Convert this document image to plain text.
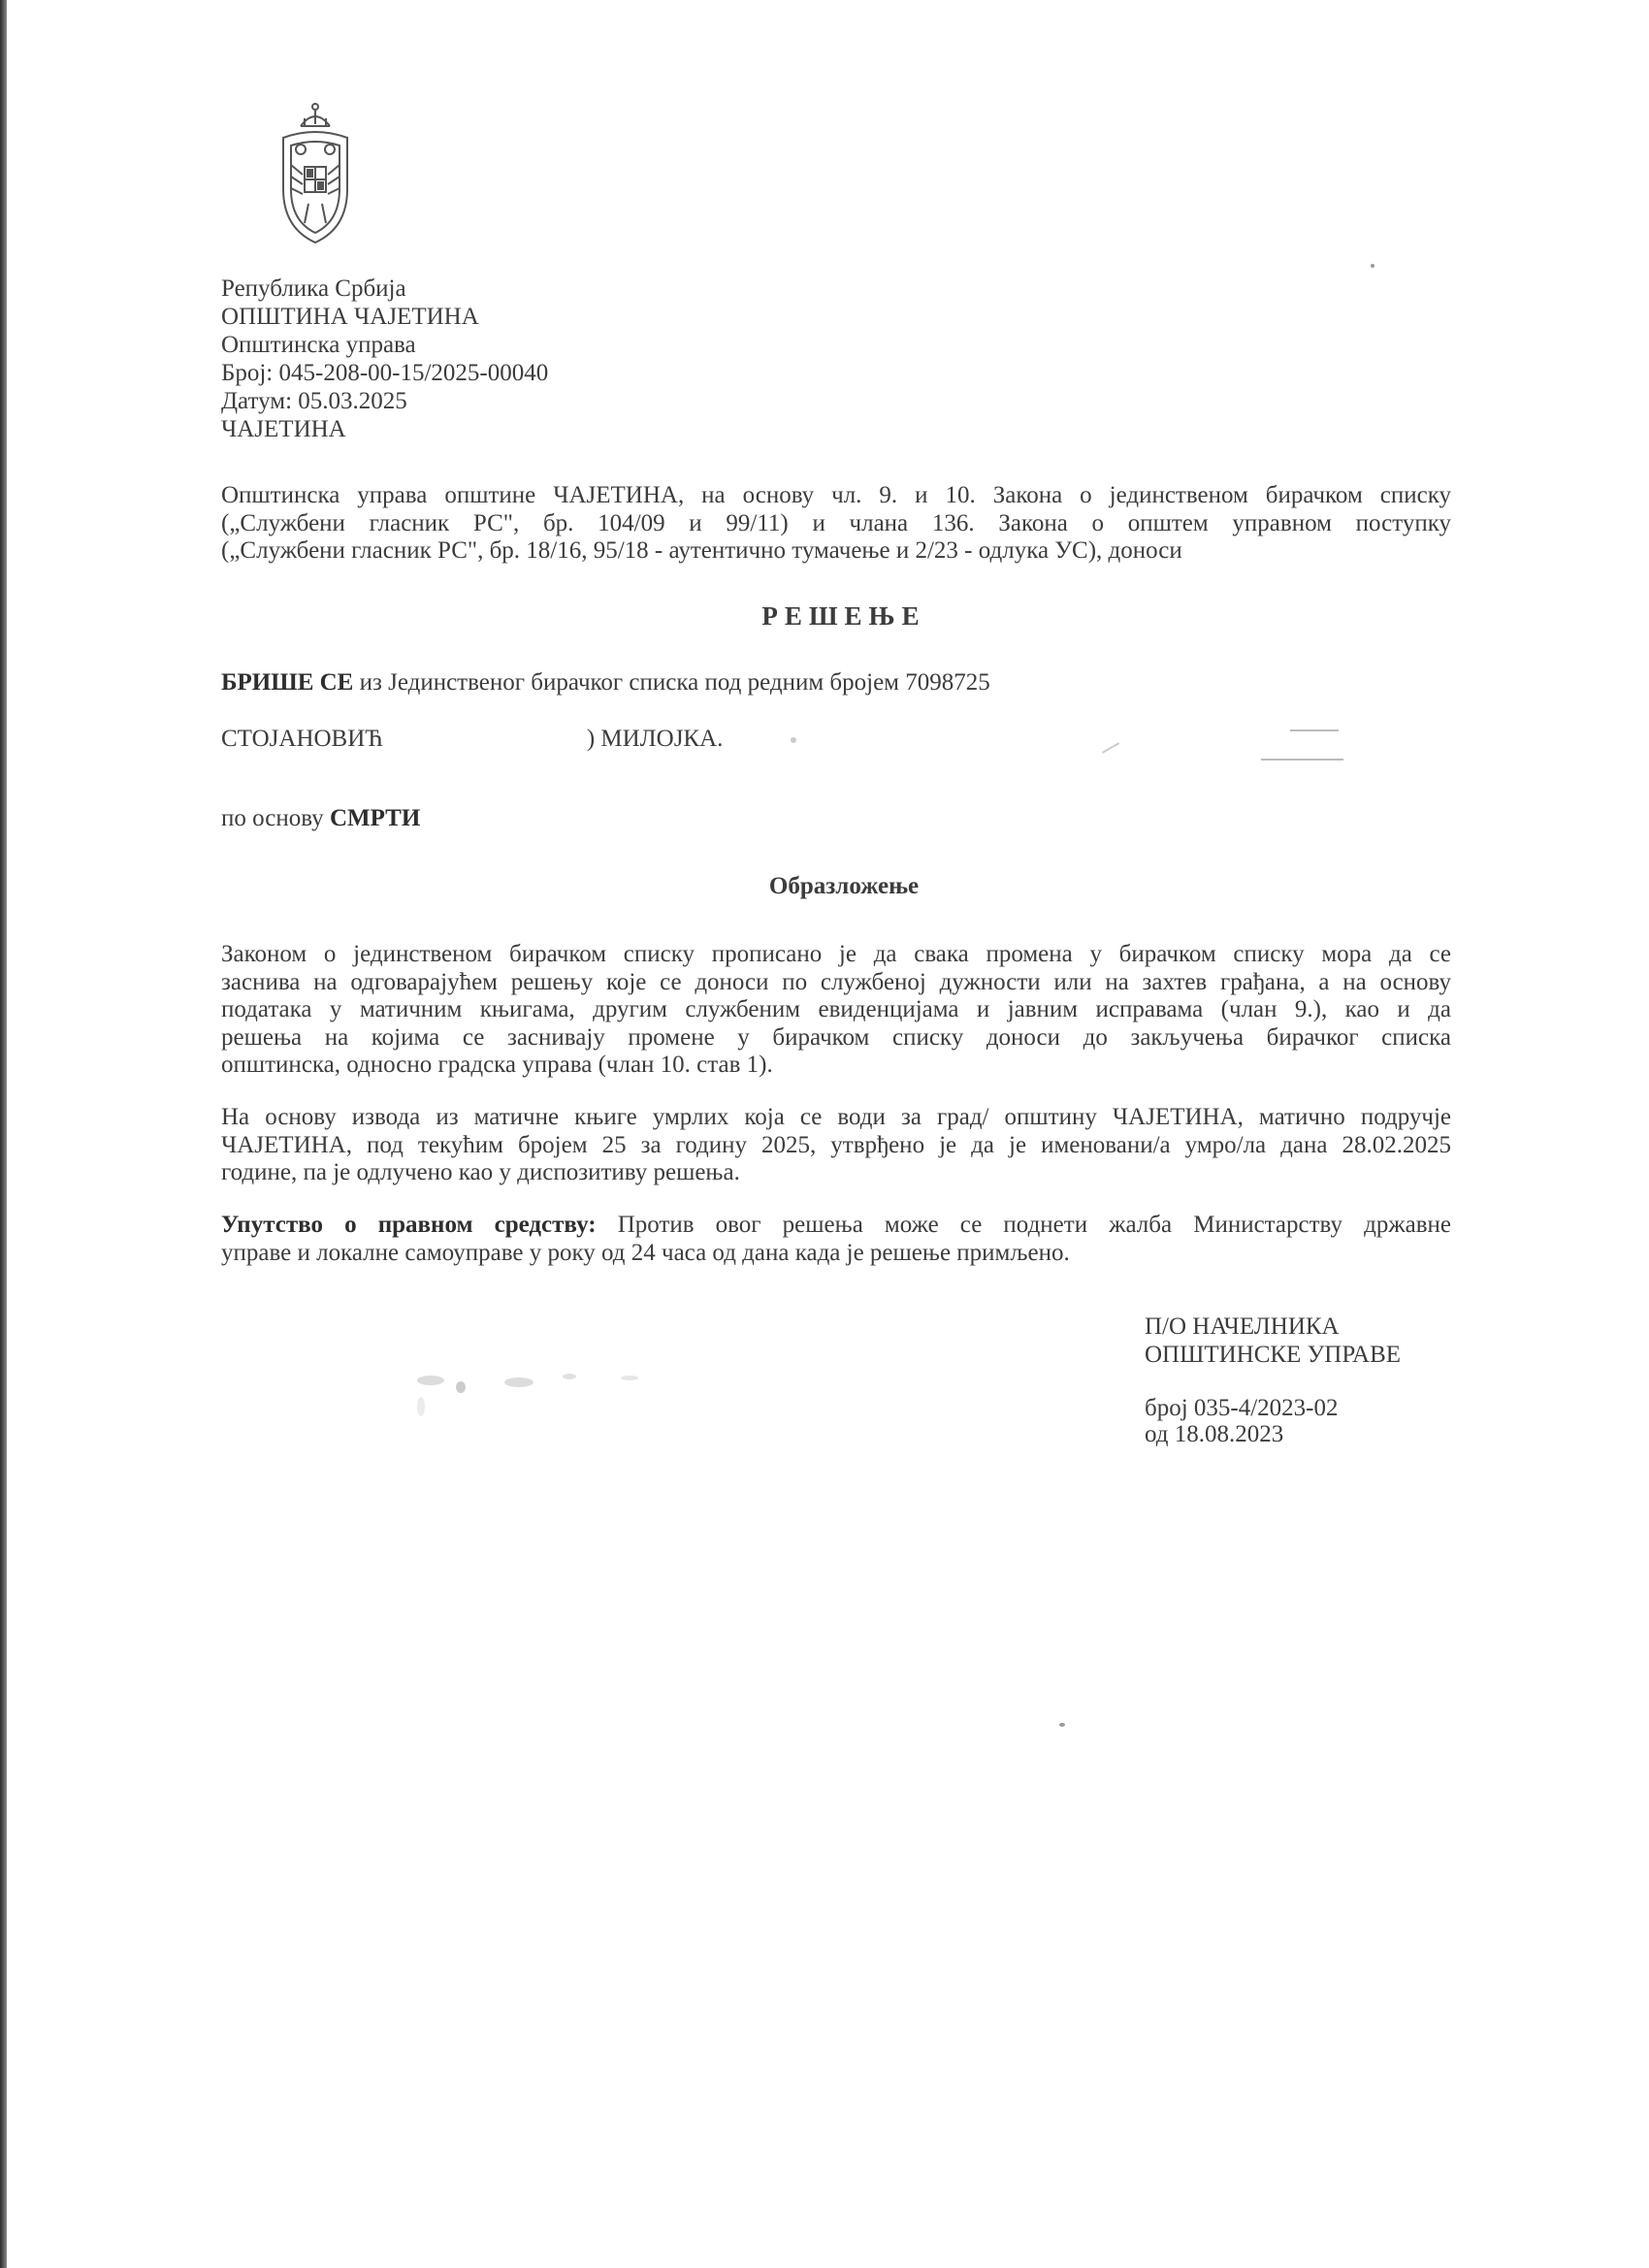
Република Србија
ОПШТИНА ЧАЈЕТИНА
Општинска управа
Број: 045-208-00-15/2025-00040
Датум: 05.03.2025
ЧАЈЕТИНА
Општинска управа општине ЧАЈЕТИНА, на основу чл. 9. и 10. Закона о јединственом бирачком списку
(„Службени гласник РС", бр. 104/09 и 99/11) и члана 136. Закона о општем управном поступку
(„Службени гласник РС", бр. 18/16, 95/18 - аутентично тумачење и 2/23 - одлука УС), доноси
РЕШЕЊЕ
БРИШЕ СЕ из Јединственог бирачког списка под редним бројем 7098725
СТОЈАНОВИЋ	) МИЛОЈКА.
по основу СМРТИ
Образложење
Законом о јединственом бирачком списку прописано је да свака промена у бирачком списку мора да се
заснива на одговарајућем решењу које се доноси по службеној дужности или на захтев грађана, а на основу
података у матичним књигама, другим службеним евиденцијама и јавним исправама (члан 9.), као и да
решења на којима се заснивају промене у бирачком списку доноси до закључења бирачког списка
општинска, односно градска управа (члан 10. став 1).
На основу извода из матичне књиге умрлих која се води за град/ општину ЧАЈЕТИНА, матично подручје
ЧАЈЕТИНА, под текућим бројем 25 за годину 2025, утврђено је да је именовани/а умро/ла дана 28.02.2025
године, па је одлучено као у диспозитиву решења.
Упутство о правном средству: Против овог решења може се поднети жалба Министарству државне
управе и локалне самоуправе у року од 24 часа од дана када је решење примљено.
П/О НАЧЕЛНИКА
ОПШТИНСКЕ УПРАВЕ
број 035-4/2023-02
од 18.08.2023
